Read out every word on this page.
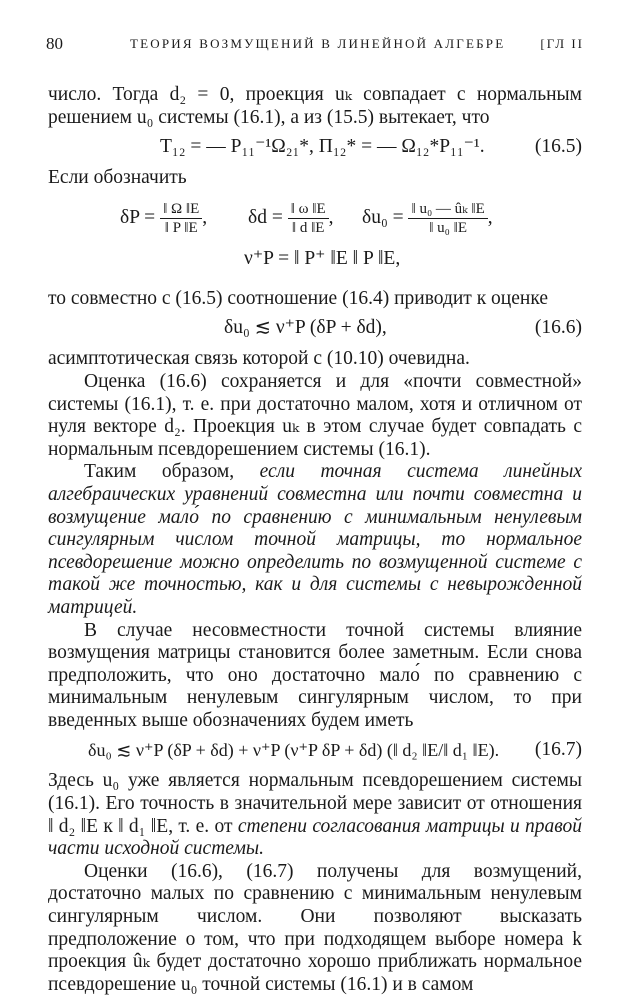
80	ТЕОРИЯ ВОЗМУЩЕНИЙ В ЛИНЕЙНОЙ АЛГЕБРЕ	[ГЛ II

число. Тогда d₂ = 0, проекция uₖ совпадает с нормальным решением u₀ системы (16.1), а из (15.5) вытекает, что

T₁₂ = — P₁₁⁻¹Ω₂₁*, Π₁₂* = — Ω₁₂*P₁₁⁻¹.	(16.5)

Если обозначить

$\delta P = \frac{‖ \Omega ‖E}{‖ P ‖E}$ , $\delta d = \frac{‖ \omega ‖E}{‖ d ‖E}$ , $\delta u_0 = \frac{\text{‖ u₀ — ûₖ ‖E}}{\text{‖ u₀ ‖E}}$ ,
ν⁺P = ‖ P⁺ ‖E ‖ P ‖E,

то совместно с (16.5) соотношение (16.4) приводит к оценке

δu₀ ≲ ν⁺P (δP + δd),	(16.6)

асимптотическая связь которой с (10.10) очевидна.

Оценка (16.6) сохраняется и для «почти совместной» системы (16.1), т. е. при достаточно малом, хотя и отличном от нуля векторе d₂. Проекция uₖ в этом случае будет совпадать с нормальным псевдорешением системы (16.1).

Таким образом, если точная система линейных алгебраических уравнений совместна или почти совместна и возмущение мало́ по сравнению с минимальным ненулевым сингулярным числом точной матрицы, то нормальное псевдорешение можно определить по возмущенной системе с такой же точностью, как и для системы с невырожденной матрицей.

В случае несовместности точной системы влияние возмущения матрицы становится более заметным. Если снова предположить, что оно достаточно мало́ по сравнению с минимальным ненулевым сингулярным числом, то при введенных выше обозначениях будем иметь

δu₀ ≲ ν⁺P (δP + δd) + ν⁺P (ν⁺P δP + δd) (‖ d₂ ‖E/‖ d₁ ‖E). (16.7)

Здесь u₀ уже является нормальным псевдорешением системы (16.1). Его точность в значительной мере зависит от отношения ‖ d₂ ‖E к ‖ d₁ ‖E, т. е. от степени согласования матрицы и правой части исходной системы.

Оценки (16.6), (16.7) получены для возмущений, достаточно малых по сравнению с минимальным ненулевым сингулярным числом. Они позволяют высказать предположение о том, что при подходящем выборе номера k проекция ûₖ будет достаточно хорошо приближать нормальное псевдорешение u₀ точной системы (16.1) и в самом
